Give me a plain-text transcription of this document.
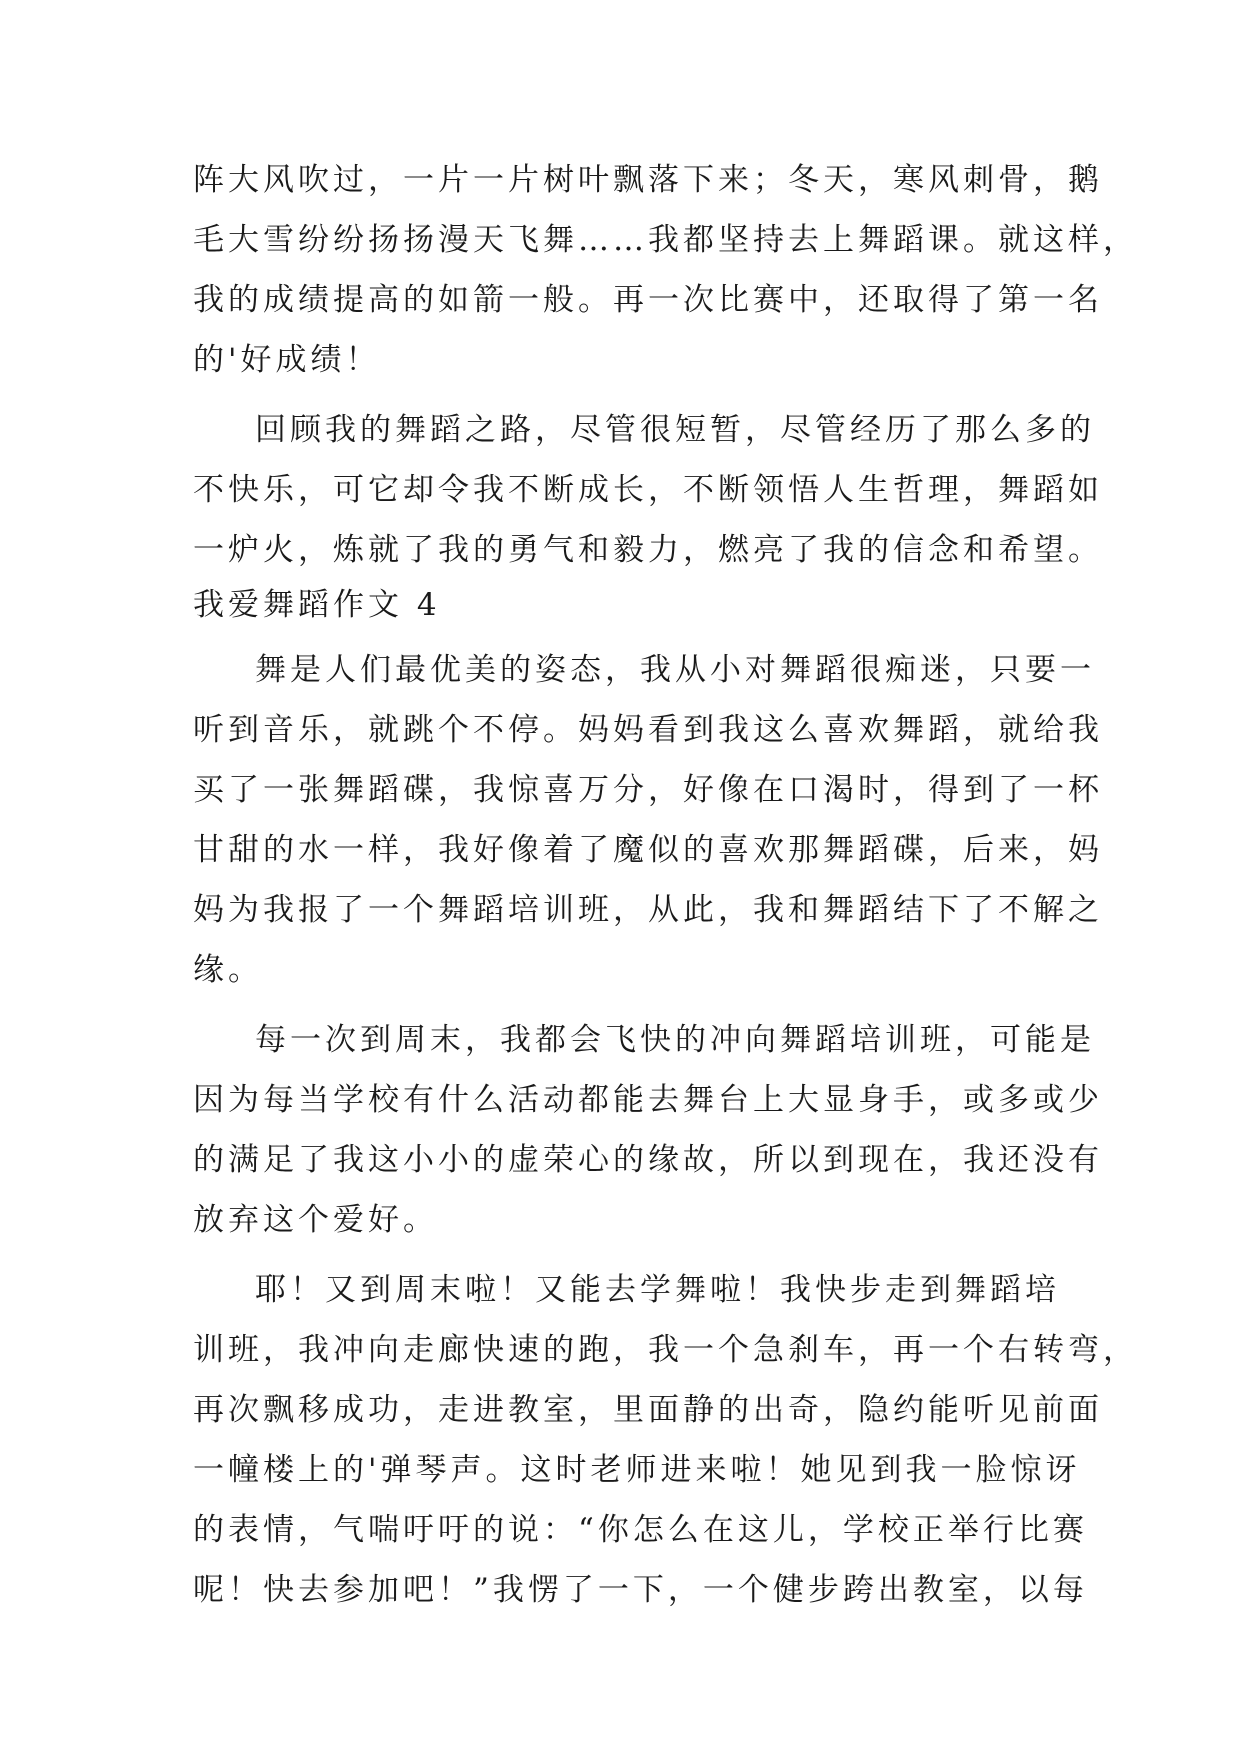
阵大风吹过，一片一片树叶飘落下来；冬天，寒风刺骨，鹅
毛大雪纷纷扬扬漫天飞舞……我都坚持去上舞蹈课。就这样，
我的成绩提高的如箭一般。再一次比赛中，还取得了第一名
的'好成绩！
回顾我的舞蹈之路，尽管很短暂，尽管经历了那么多的
不快乐，可它却令我不断成长，不断领悟人生哲理，舞蹈如
一炉火，炼就了我的勇气和毅力，燃亮了我的信念和希望。
我爱舞蹈作文 4
舞是人们最优美的姿态，我从小对舞蹈很痴迷，只要一
听到音乐，就跳个不停。妈妈看到我这么喜欢舞蹈，就给我
买了一张舞蹈碟，我惊喜万分，好像在口渴时，得到了一杯
甘甜的水一样，我好像着了魔似的喜欢那舞蹈碟，后来，妈
妈为我报了一个舞蹈培训班，从此，我和舞蹈结下了不解之
缘。
每一次到周末，我都会飞快的冲向舞蹈培训班，可能是
因为每当学校有什么活动都能去舞台上大显身手，或多或少
的满足了我这小小的虚荣心的缘故，所以到现在，我还没有
放弃这个爱好。
耶！又到周末啦！又能去学舞啦！我快步走到舞蹈培
训班，我冲向走廊快速的跑，我一个急刹车，再一个右转弯，
再次飘移成功，走进教室，里面静的出奇，隐约能听见前面
一幢楼上的'弹琴声。这时老师进来啦！她见到我一脸惊讶
的表情，气喘吁吁的说：“你怎么在这儿，学校正举行比赛
呢！快去参加吧！”我愣了一下，一个健步跨出教室，以每
